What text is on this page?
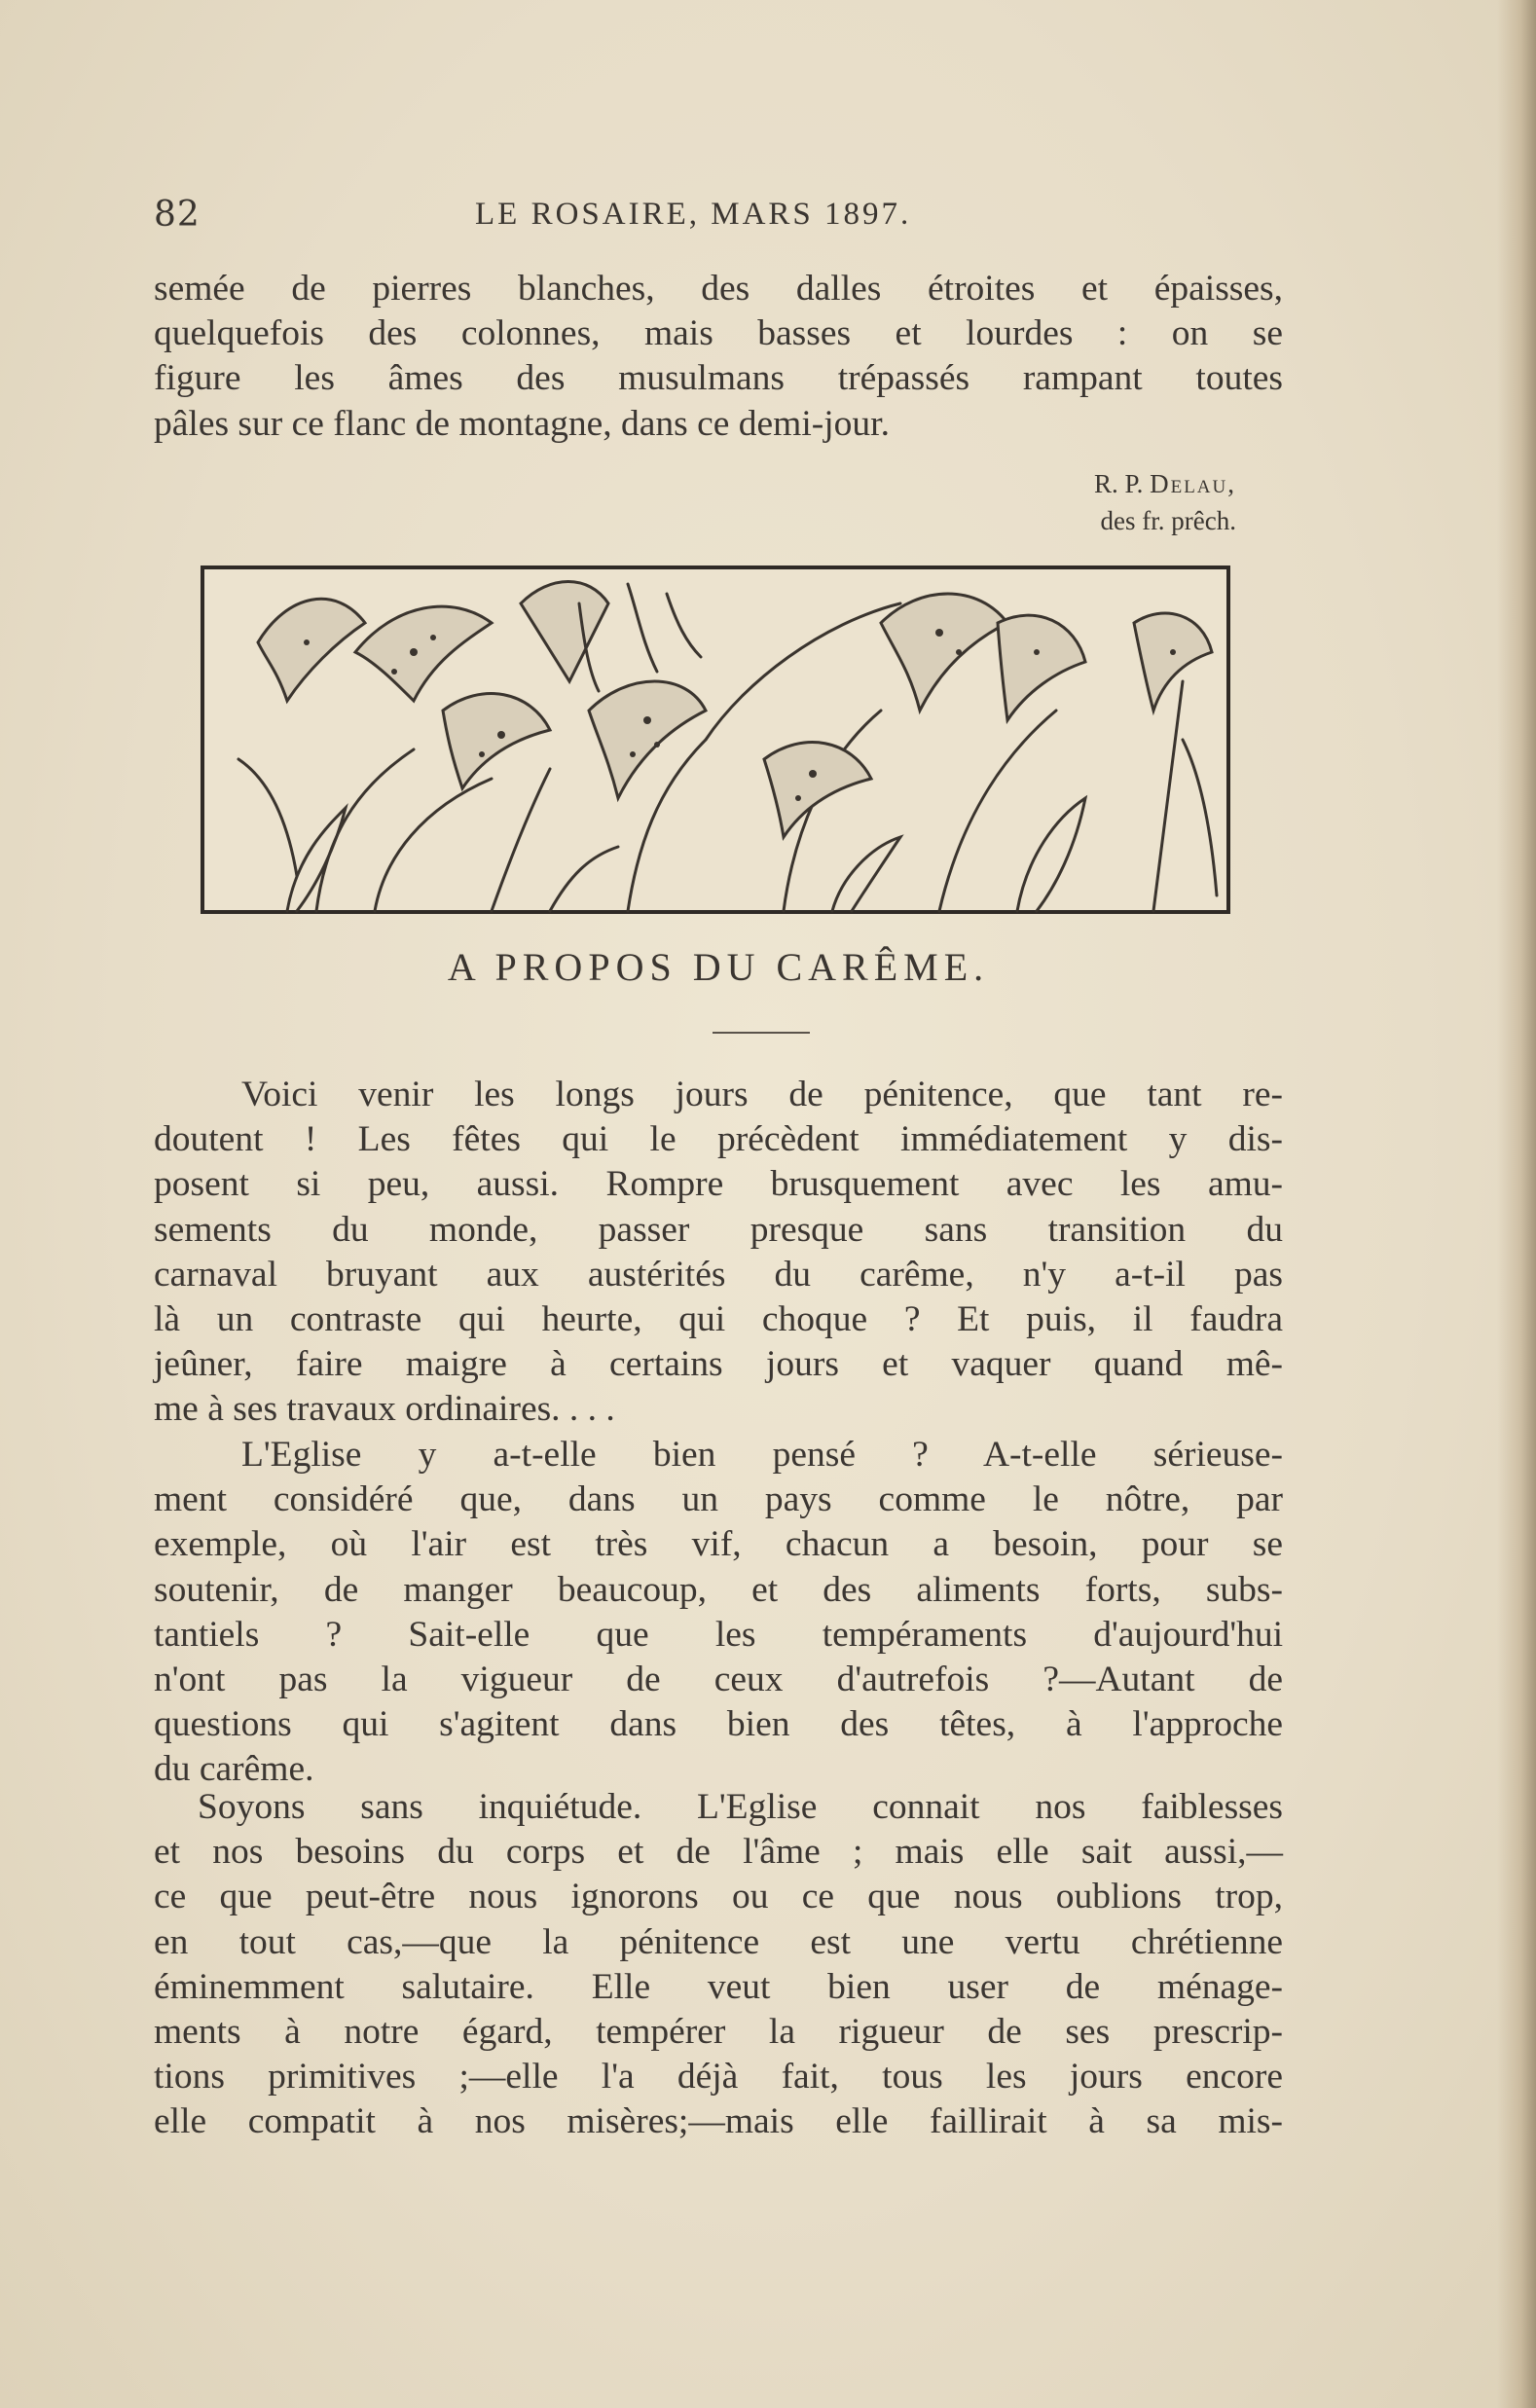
82	LE ROSAIRE, MARS 1897.
semée de pierres blanches, des dalles étroites et épaisses,
quelquefois des colonnes, mais basses et lourdes : on se
figure les âmes des musulmans trépassés rampant toutes
pâles sur ce flanc de montagne, dans ce demi-jour.
R. P. Delau,
des fr. prêch.
A PROPOS DU CARÊME.
Voici venir les longs jours de pénitence, que tant re-
doutent ! Les fêtes qui le précèdent immédiatement y dis-
posent si peu, aussi. Rompre brusquement avec les amu-
sements du monde, passer presque sans transition du
carnaval bruyant aux austérités du carême, n'y a-t-il pas
là un contraste qui heurte, qui choque ? Et puis, il faudra
jeûner, faire maigre à certains jours et vaquer quand mê-
me à ses travaux ordinaires. . . .
L'Eglise y a-t-elle bien pensé ? A-t-elle sérieuse-
ment considéré que, dans un pays comme le nôtre, par
exemple, où l'air est très vif, chacun a besoin, pour se
soutenir, de manger beaucoup, et des aliments forts, subs-
tantiels ? Sait-elle que les tempéraments d'aujourd'hui
n'ont pas la vigueur de ceux d'autrefois ?—Autant de
questions qui s'agitent dans bien des têtes, à l'approche
du carême.
Soyons sans inquiétude. L'Eglise connait nos faiblesses
et nos besoins du corps et de l'âme ; mais elle sait aussi,—
ce que peut-être nous ignorons ou ce que nous oublions trop,
en tout cas,—que la pénitence est une vertu chrétienne
éminemment salutaire. Elle veut bien user de ménage-
ments à notre égard, tempérer la rigueur de ses prescrip-
tions primitives ;—elle l'a déjà fait, tous les jours encore
elle compatit à nos misères;—mais elle faillirait à sa mis-
